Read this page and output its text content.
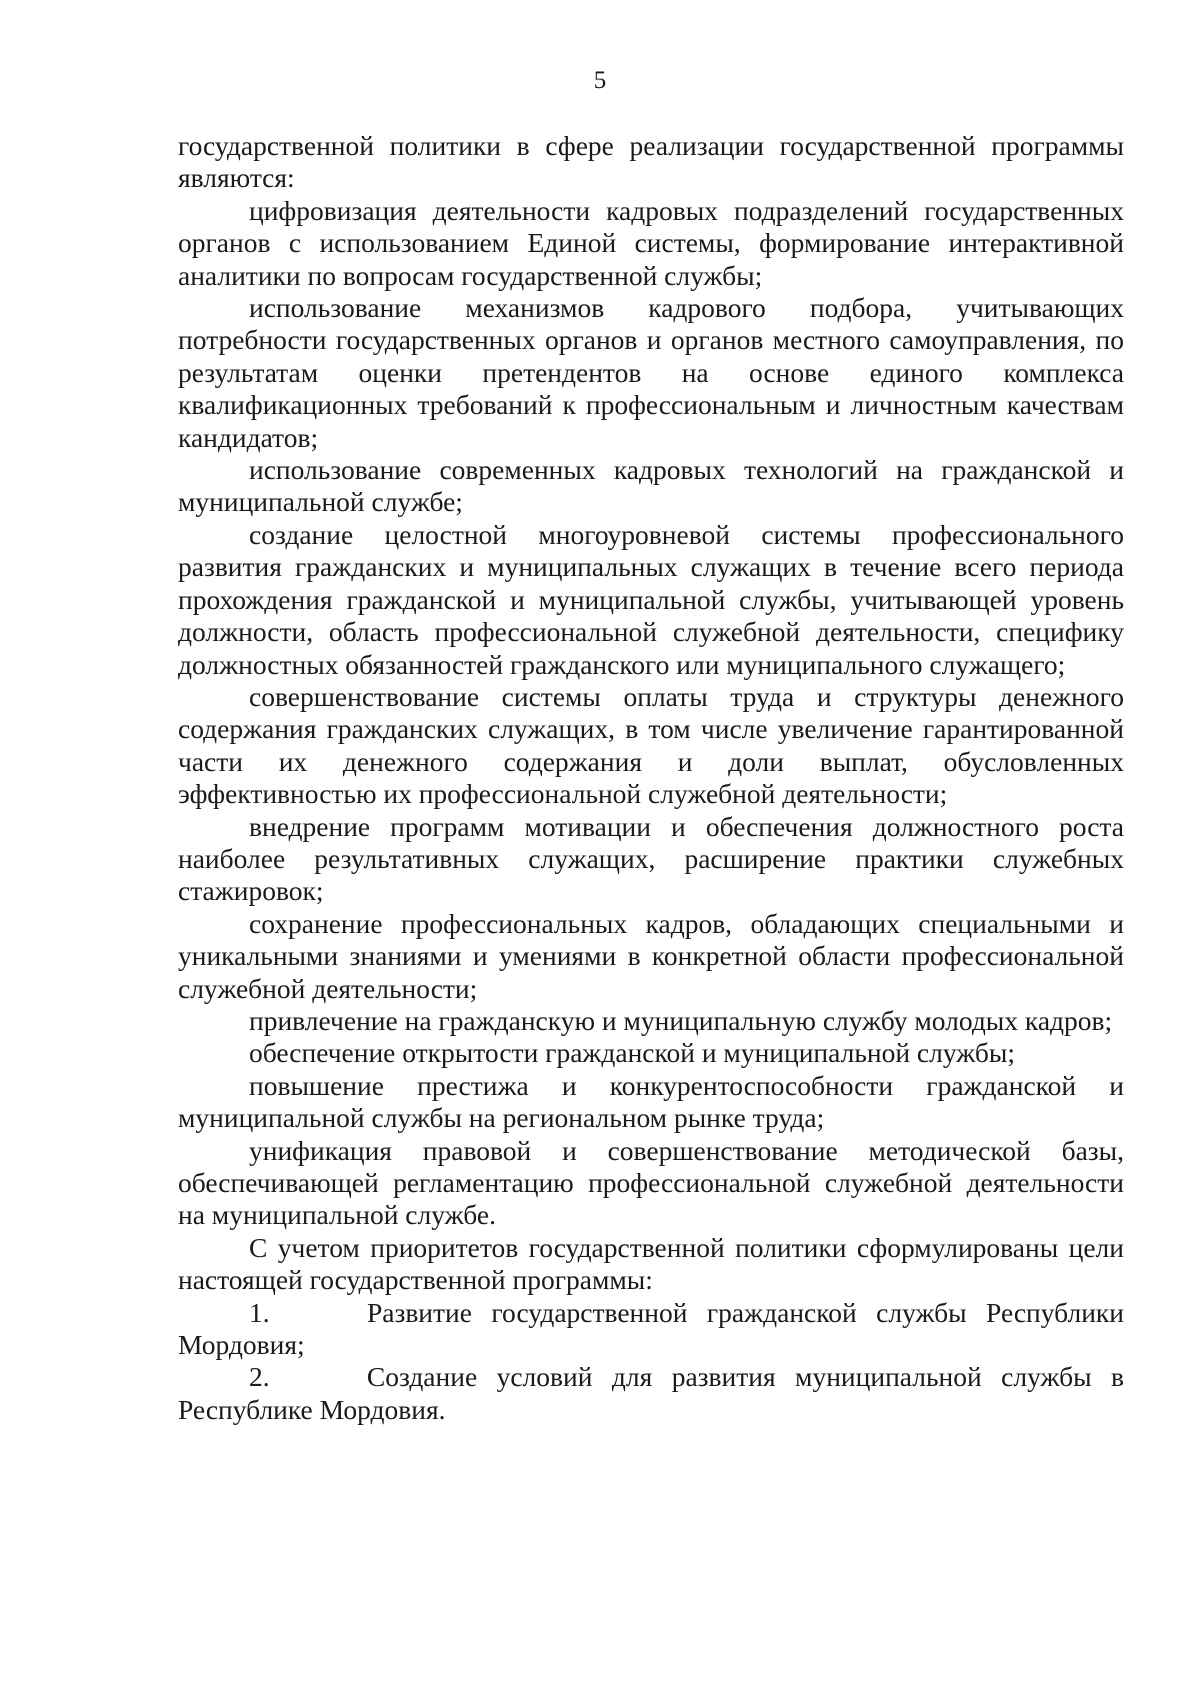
5

государственной политики в сфере реализации государственной программы являются:

цифровизация деятельности кадровых подразделений государственных органов с использованием Единой системы, формирование интерактивной аналитики по вопросам государственной службы;

использование механизмов кадрового подбора, учитывающих потребности государственных органов и органов местного самоуправления, по результатам оценки претендентов на основе единого комплекса квалификационных требований к профессиональным и личностным качествам кандидатов;

использование современных кадровых технологий на гражданской и муниципальной службе;

создание целостной многоуровневой системы профессионального развития гражданских и муниципальных служащих в течение всего периода прохождения гражданской и муниципальной службы, учитывающей уровень должности, область профессиональной служебной деятельности, специфику должностных обязанностей гражданского или муниципального служащего;

совершенствование системы оплаты труда и структуры денежного содержания гражданских служащих, в том числе увеличение гарантированной части их денежного содержания и доли выплат, обусловленных эффективностью их профессиональной служебной деятельности;

внедрение программ мотивации и обеспечения должностного роста наиболее результативных служащих, расширение практики служебных стажировок;

сохранение профессиональных кадров, обладающих специальными и уникальными знаниями и умениями в конкретной области профессиональной служебной деятельности;

привлечение на гражданскую и муниципальную службу молодых кадров;

обеспечение открытости гражданской и муниципальной службы;

повышение престижа и конкурентоспособности гражданской и муниципальной службы на региональном рынке труда;

унификация правовой и совершенствование методической базы, обеспечивающей регламентацию профессиональной служебной деятельности на муниципальной службе.

С учетом приоритетов государственной политики сформулированы цели настоящей государственной программы:

1.     Развитие государственной гражданской службы Республики Мордовия;

2.     Создание условий для развития муниципальной службы в Республике Мордовия.
